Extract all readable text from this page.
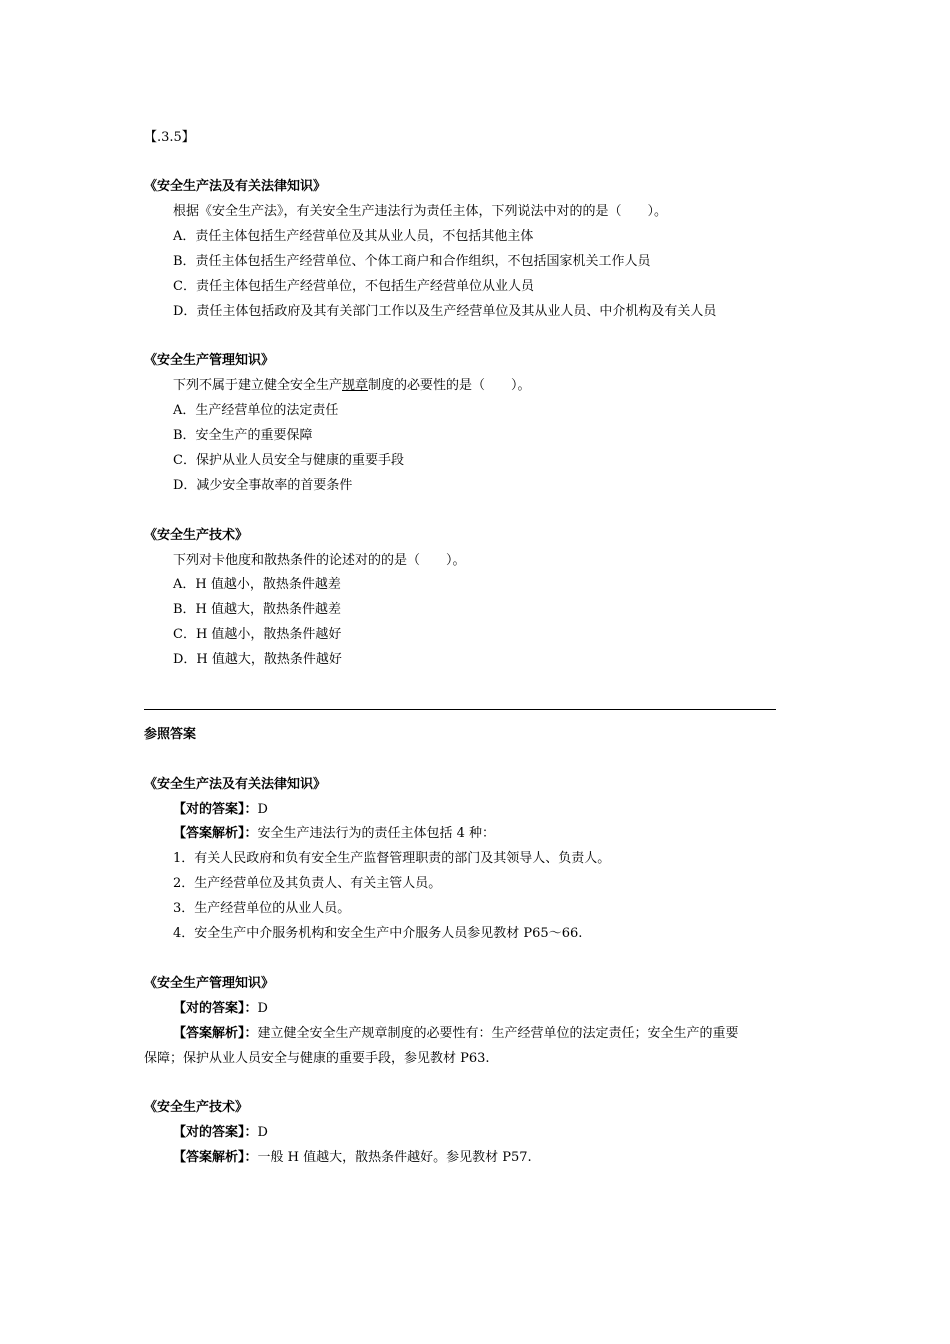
【.3.5】
《安全生产法及有关法律知识》
根据《安全生产法》，有关安全生产违法行为责任主体，下列说法中对的的是（　　）。
A．责任主体包括生产经营单位及其从业人员，不包括其他主体
B．责任主体包括生产经营单位、个体工商户和合作组织，不包括国家机关工作人员
C．责任主体包括生产经营单位，不包括生产经营单位从业人员
D．责任主体包括政府及其有关部门工作以及生产经营单位及其从业人员、中介机构及有关人员
《安全生产管理知识》
下列不属于建立健全安全生产规章制度的必要性的是（　　）。
A．生产经营单位的法定责任
B．安全生产的重要保障
C．保护从业人员安全与健康的重要手段
D．减少安全事故率的首要条件
《安全生产技术》
下列对卡他度和散热条件的论述对的的是（　　）。
A．H 值越小，散热条件越差
B．H 值越大，散热条件越差
C．H 值越小，散热条件越好
D．H 值越大，散热条件越好
参照答案
《安全生产法及有关法律知识》
【对的答案】：D
【答案解析】：安全生产违法行为的责任主体包括 4 种：
1．有关人民政府和负有安全生产监督管理职责的部门及其领导人、负责人。
2．生产经营单位及其负责人、有关主管人员。
3．生产经营单位的从业人员。
4．安全生产中介服务机构和安全生产中介服务人员参见教材 P65～66.
《安全生产管理知识》
【对的答案】：D
【答案解析】：建立健全安全生产规章制度的必要性有：生产经营单位的法定责任；安全生产的重要
保障；保护从业人员安全与健康的重要手段，参见教材 P63.
《安全生产技术》
【对的答案】：D
【答案解析】：一般 H 值越大，散热条件越好。参见教材 P57.
